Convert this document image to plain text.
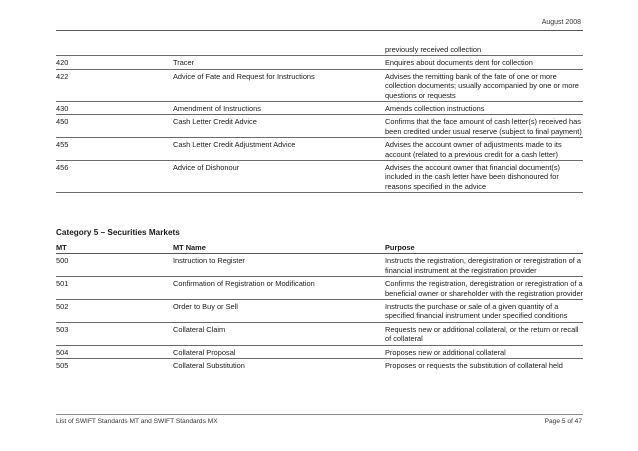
August 2008
		previously received collection
420	Tracer	Enquires about documents dent for collection
422	Advice of Fate and Request for Instructions	Advises the remitting bank of the fate of one or more collection documents; usually accompanied by one or more questions or requests
430	Amendment of Instructions	Amends collection instructions
450	Cash Letter Credit Advice	Confirms that the face amount of cash letter(s) received has been credited under usual reserve (subject to final payment)
455	Cash Letter Credit Adjustment Advice	Advises the account owner of adjustments made to its account (related to a previous credit for a cash letter)
456	Advice of Dishonour	Advises the account owner that financial document(s) included in the cash letter have been dishonoured for reasons specified in the advice
Category 5 – Securities Markets
MT	MT Name	Purpose
500	Instruction to Register	Instructs the registration, deregistration or reregistration of a financial instrument at the registration provider
501	Confirmation of Registration or Modification	Confirms the registration, deregistration or reregistration of a beneficial owner or shareholder with the registration provider
502	Order to Buy or Sell	Instructs the purchase or sale of a given quantity of a specified financial instrument under specified conditions
503	Collateral Claim	Requests new or additional collateral, or the return or recall of collateral
504	Collateral Proposal	Proposes new or additional collateral
505	Collateral Substitution	Proposes or requests the substitution of collateral held
List of SWIFT Standards MT and SWIFT Standards MX	Page 5 of 47
